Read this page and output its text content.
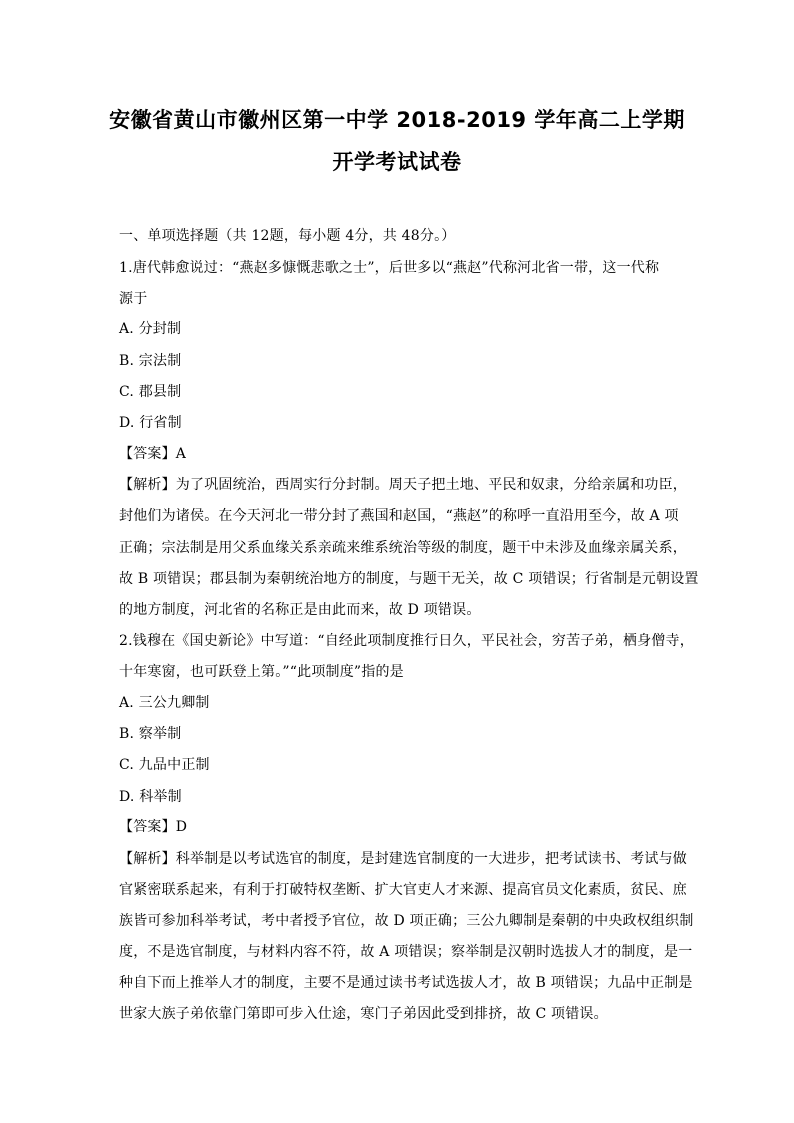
安徽省黄山市徽州区第一中学 2018-2019 学年高二上学期
开学考试试卷
一、单项选择题（共 12题，每小题 4分，共 48分。）
1.唐代韩愈说过：“燕赵多慷慨悲歌之士”，后世多以“燕赵”代称河北省一带，这一代称
源于
A. 分封制
B. 宗法制
C. 郡县制
D. 行省制
【答案】A
【解析】为了巩固统治，西周实行分封制。周天子把土地、平民和奴隶，分给亲属和功臣，
封他们为诸侯。在今天河北一带分封了燕国和赵国，“燕赵”的称呼一直沿用至今，故 A 项
正确；宗法制是用父系血缘关系亲疏来维系统治等级的制度，题干中未涉及血缘亲属关系，
故 B 项错误；郡县制为秦朝统治地方的制度，与题干无关，故 C 项错误；行省制是元朝设置
的地方制度，河北省的名称正是由此而来，故 D 项错误。
2.钱穆在《国史新论》中写道：“自经此项制度推行日久，平民社会，穷苦子弟，栖身僧寺，
十年寒窗，也可跃登上第。”“此项制度”指的是
A. 三公九卿制
B. 察举制
C. 九品中正制
D. 科举制
【答案】D
【解析】科举制是以考试选官的制度，是封建选官制度的一大进步，把考试读书、考试与做
官紧密联系起来，有利于打破特权垄断、扩大官吏人才来源、提高官员文化素质，贫民、庶
族皆可参加科举考试，考中者授予官位，故 D 项正确；三公九卿制是秦朝的中央政权组织制
度，不是选官制度，与材料内容不符，故 A 项错误；察举制是汉朝时选拔人才的制度，是一
种自下而上推举人才的制度，主要不是通过读书考试选拔人才，故 B 项错误；九品中正制是
世家大族子弟依靠门第即可步入仕途，寒门子弟因此受到排挤，故 C 项错误。
